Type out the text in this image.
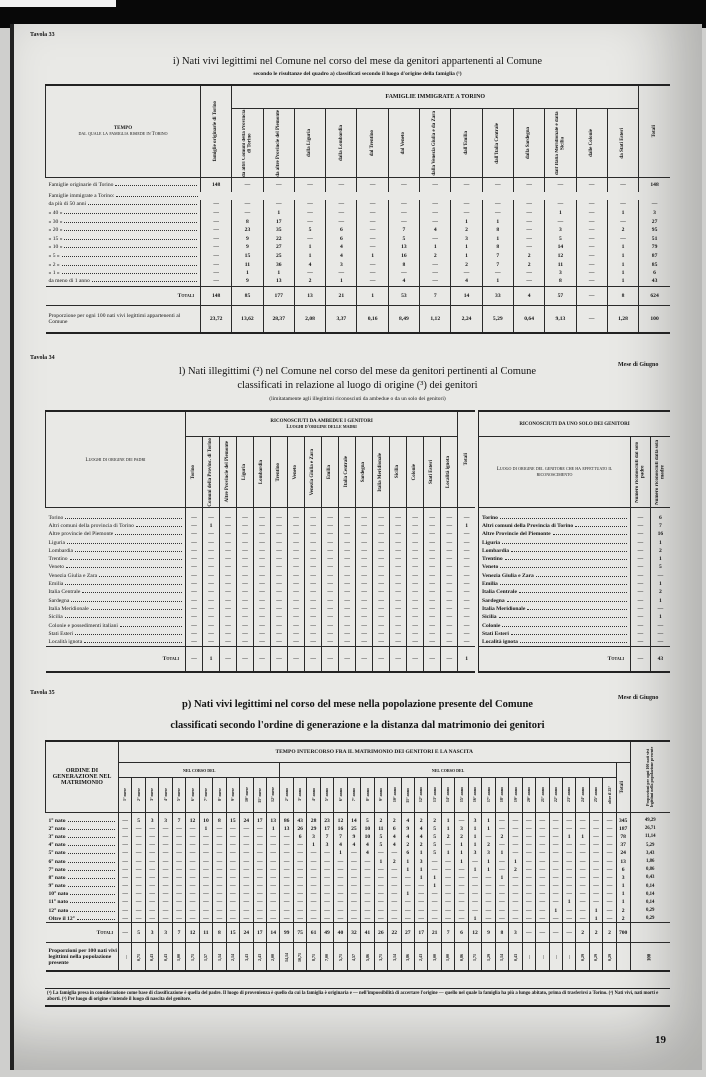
Tavola 33
i) Nati vivi legittimi nel Comune nel corso del mese da genitori appartenenti al Comune
secondo le risultanze del quadro a) classificati secondo il luogo d'origine della famiglia (¹)
TEMPO
dal quale la famiglia risiede in Torino	famiglie originarie di Torino	FAMIGLIE IMMIGRATE A TORINO													Totali

		da altri Comuni della Provincia di Torino	da altre Provincie del Piemonte	dalla Liguria	dalla Lombardia	dal Trentino	dal Veneto	dalla Venezia Giulia e da Zara	dall'Emilia	dall'Italia Centrale	dalla Sardegna	dall'Italia Meridionale e dalla Sicilia	dalle Colonie	da Stati Esteri	

Famiglie originarie di Torino	148	—	—	—	—	—	—	—	—	—	—	—	—	—	148

Famiglie immigrate a Torino:															

da più di 50 anni	—	—	—	—	—	—	—	—	—	—	—	—	—	—	—

» 40 »	—	—	1	—	—	—	—	—	—	—	—	1	—	1	3

» 30 »	—	8	17	—	—	—	—	—	1	1	—	—	—	—	27

» 20 »	—	23	35	5	6	—	7	4	2	8	—	3	—	2	95

» 15 »	—	9	22	—	6	—	5	—	3	1	—	5	—	—	51

» 10 »	—	9	27	1	4	—	13	1	1	8	—	14	—	1	79

» 5 »	—	15	25	1	4	1	16	2	1	7	2	12	—	1	87

» 2 »	—	11	36	4	3	—	8	—	2	7	2	11	—	1	85

» 1 »	—	1	1	—	—	—	—	—	—	—	—	3	—	1	6

da meno di 1 anno	—	9	13	2	1	—	4	—	4	1	—	8	—	1	43
Totali	148	85	177	13	21	1	53	7	14	33	4	57	—	8	624
Proporzione per ogni 100 nati vivi legittimi appartenenti al Comune	23,72	13,62	28,37	2,08	3,37	0,16	8,49	1,12	2,24	5,29	0,64	9,13	—	1,28	100
Tavola 34
Mese di Giugno
l) Nati illegittimi (²) nel Comune nel corso del mese da genitori pertinenti al Comune
classificati in relazione al luogo di origine (³) dei genitori
(limitatamente agli illegittimi riconosciuti da ambedue o da un solo dei genitori)
Luoghi di origine dei padri	RICONOSCIUTI DA AMBEDUE I GENITORI
Luoghi d'origine delle madri																Totali

	Torino	Comuni della Provinc. di Torino	Altre Provincie del Piemonte	Liguria	Lombardia	Trentino	Veneto	Venezia Giulia e Zara	Emilia	Italia Centrale	Sardegna	Italia Meridionale	Sicilia	Colonie	Stati Esteri	Località ignota	

Torino	—	—	—	—	—	—	—	—	—	—	—	—	—	—	—	—	—

Altri comuni della provincia di Torino	—	1	—	—	—	—	—	—	—	—	—	—	—	—	—	—	1

Altre provincie del Piemonte	—	—	—	—	—	—	—	—	—	—	—	—	—	—	—	—	—

Liguria	—	—	—	—	—	—	—	—	—	—	—	—	—	—	—	—	—

Lombardia	—	—	—	—	—	—	—	—	—	—	—	—	—	—	—	—	—

Trentino	—	—	—	—	—	—	—	—	—	—	—	—	—	—	—	—	—

Veneto	—	—	—	—	—	—	—	—	—	—	—	—	—	—	—	—	—

Venezia Giulia e Zara	—	—	—	—	—	—	—	—	—	—	—	—	—	—	—	—	—

Emilia	—	—	—	—	—	—	—	—	—	—	—	—	—	—	—	—	—

Italia Centrale	—	—	—	—	—	—	—	—	—	—	—	—	—	—	—	—	—

Sardegna	—	—	—	—	—	—	—	—	—	—	—	—	—	—	—	—	—

Italia Meridionale	—	—	—	—	—	—	—	—	—	—	—	—	—	—	—	—	—

Sicilia	—	—	—	—	—	—	—	—	—	—	—	—	—	—	—	—	—

Colonie e possedimenti italiani	—	—	—	—	—	—	—	—	—	—	—	—	—	—	—	—	—

Stati Esteri	—	—	—	—	—	—	—	—	—	—	—	—	—	—	—	—	—

Località ignota	—	—	—	—	—	—	—	—	—	—	—	—	—	—	—	—	—
Totali	—	1	—	—	—	—	—	—	—	—	—	—	—	—	—	—	1
RICONOSCIUTI DA UNO SOLO DEI GENITORI		
Luogo di origine del genitore che ha effettuato il riconoscimento	Numero riconosciuti dal solo padre	Numero riconosciuti dalla sola madre

Torino	—	6

Altri comuni della Provincia di Torino	—	7

Altre Provincie del Piemonte	—	16

Liguria	—	1

Lombardia	—	2

Trentino	—	1

Veneto	—	5

Venezia Giulia e Zara	—	—

Emilia	—	1

Italia Centrale	—	2

Sardegna	—	1

Italia Meridionale	—	—

Sicilia	—	1

Colonie	—	—

Stati Esteri	—	—

Località ignota	—	—
Totali	—	43
Tavola 35
Mese di Giugno
p) Nati vivi legittimi nel corso del mese nella popolazione presente del Comune
classificati secondo l'ordine di generazione e la distanza dal matrimonio dei genitori
ORDINE DI GENERAZIONE NEL MATRIMONIO	TEMPO INTERCORSO FRA IL MATRIMONIO DEI GENITORI E LA NASCITA																																						Proporzioni per ogni 100 nati vivi legittimi nella popolazione presente

	NEL CORSO DEL												NEL CORSO DEL																									Totali	

	1° mese	2° mese	3° mese	4° mese	5° mese	6° mese	7° mese	8° mese	9° mese	10° mese	11° mese	12° mese	2° anno	3° anno	4° anno	5° anno	6° anno	7° anno	8° anno	9° anno	10° anno	11° anno	12° anno	13° anno	14° anno	15° anno	16° anno	17° anno	18° anno	19° anno	20° anno	21° anno	22° anno	23° anno	24° anno	25° anno	oltre il 25°		

1° nato	—	5	3	3	7	12	10	8	15	24	17	13	86	43	28	23	12	14	5	2	2	4	2	2	1	—	3	1	—	—	—	—	—	—	—	—	—	345	49,29

2° nato	—	—	—	—	—	—	1	—	—	—	—	1	13	26	29	17	16	25	10	11	6	9	4	5	1	3	1	1	—	—	—	—	—	—	—	—	—	187	26,71

3° nato	—	—	—	—	—	—	—	—	—	—	—	—	—	6	3	7	7	9	10	5	4	4	4	5	2	2	1	—	2	—	—	—	—	1	1	—	—	78	11,14

4° nato	—	—	—	—	—	—	—	—	—	—	—	—	—	—	1	3	4	4	4	5	4	2	2	5	—	1	1	2	—	—	—	—	—	—	—	—	—	37	5,29

5° nato	—	—	—	—	—	—	—	—	—	—	—	—	—	—	—	—	1	—	4	—	—	6	1	5	1	1	3	3	1	—	—	—	—	—	—	—	—	24	3,43

6° nato	—	—	—	—	—	—	—	—	—	—	—	—	—	—	—	—	—	—	—	1	2	1	3	—	—	1	—	1	—	1	—	—	—	—	—	—	—	13	1,86

7° nato	—	—	—	—	—	—	—	—	—	—	—	—	—	—	—	—	—	—	—	—	—	1	1	—	—	—	1	1	—	2	—	—	—	—	—	—	—	6	0,86

8° nato	—	—	—	—	—	—	—	—	—	—	—	—	—	—	—	—	—	—	—	—	—	—	1	1	—	—	—	—	1	—	—	—	—	—	—	—	—	3	0,43

9° nato	—	—	—	—	—	—	—	—	—	—	—	—	—	—	—	—	—	—	—	—	—	—	—	1	—	—	—	—	—	—	—	—	—	—	—	—	—	1	0,14

10° nato	—	—	—	—	—	—	—	—	—	—	—	—	—	—	—	—	—	—	—	—	—	1	—	—	—	—	—	—	—	—	—	—	—	—	—	—	—	1	0,14

11° nato	—	—	—	—	—	—	—	—	—	—	—	—	—	—	—	—	—	—	—	—	—	—	—	—	—	—	—	—	—	—	—	—	—	1	—	—	—	1	0,14

12° nato	—	—	—	—	—	—	—	—	—	—	—	—	—	—	—	—	—	—	—	—	—	—	—	—	—	—	—	—	—	—	—	—	1	—	—	1	—	2	0,29

Oltre il 12°	—	—	—	—	—	—	—	—	—	—	—	—	—	—	—	—	—	—	—	—	—	—	—	—	—	—	1	—	—	—	—	—	—	—	—	1	—	2	0,29
Totali	—	5	3	3	7	12	11	8	15	24	17	14	99	75	61	49	40	32	41	26	22	27	17	21	7	6	12	9	8	3	—	—	—	—	2	2	2	700	
Proporzioni per 100 nati vivi legittimi nella popolazione presente	—	0,71	0,43	0,43	1,00	1,71	1,57	1,14	2,14	3,43	2,43	2,00	14,14	10,71	8,71	7,00	5,71	4,57	5,86	3,71	3,14	3,86	2,43	3,00	1,00	0,86	1,71	1,29	1,14	0,43	—	—	—	—	0,29	0,29	0,29		100
(¹) La famiglia presa in considerazione come base di classificazione è quella del padre. Il luogo di provenienza è quello da cui la famiglia è originaria e — nell'impossibilità di accertare l'origine — quello nel quale la famiglia ha più a lungo abitato, prima di trasferirsi a Torino. (²) Nati vivi, nati morti e aborti. (³) Per luogo di origine s'intende il luogo di nascita del genitore.
19
